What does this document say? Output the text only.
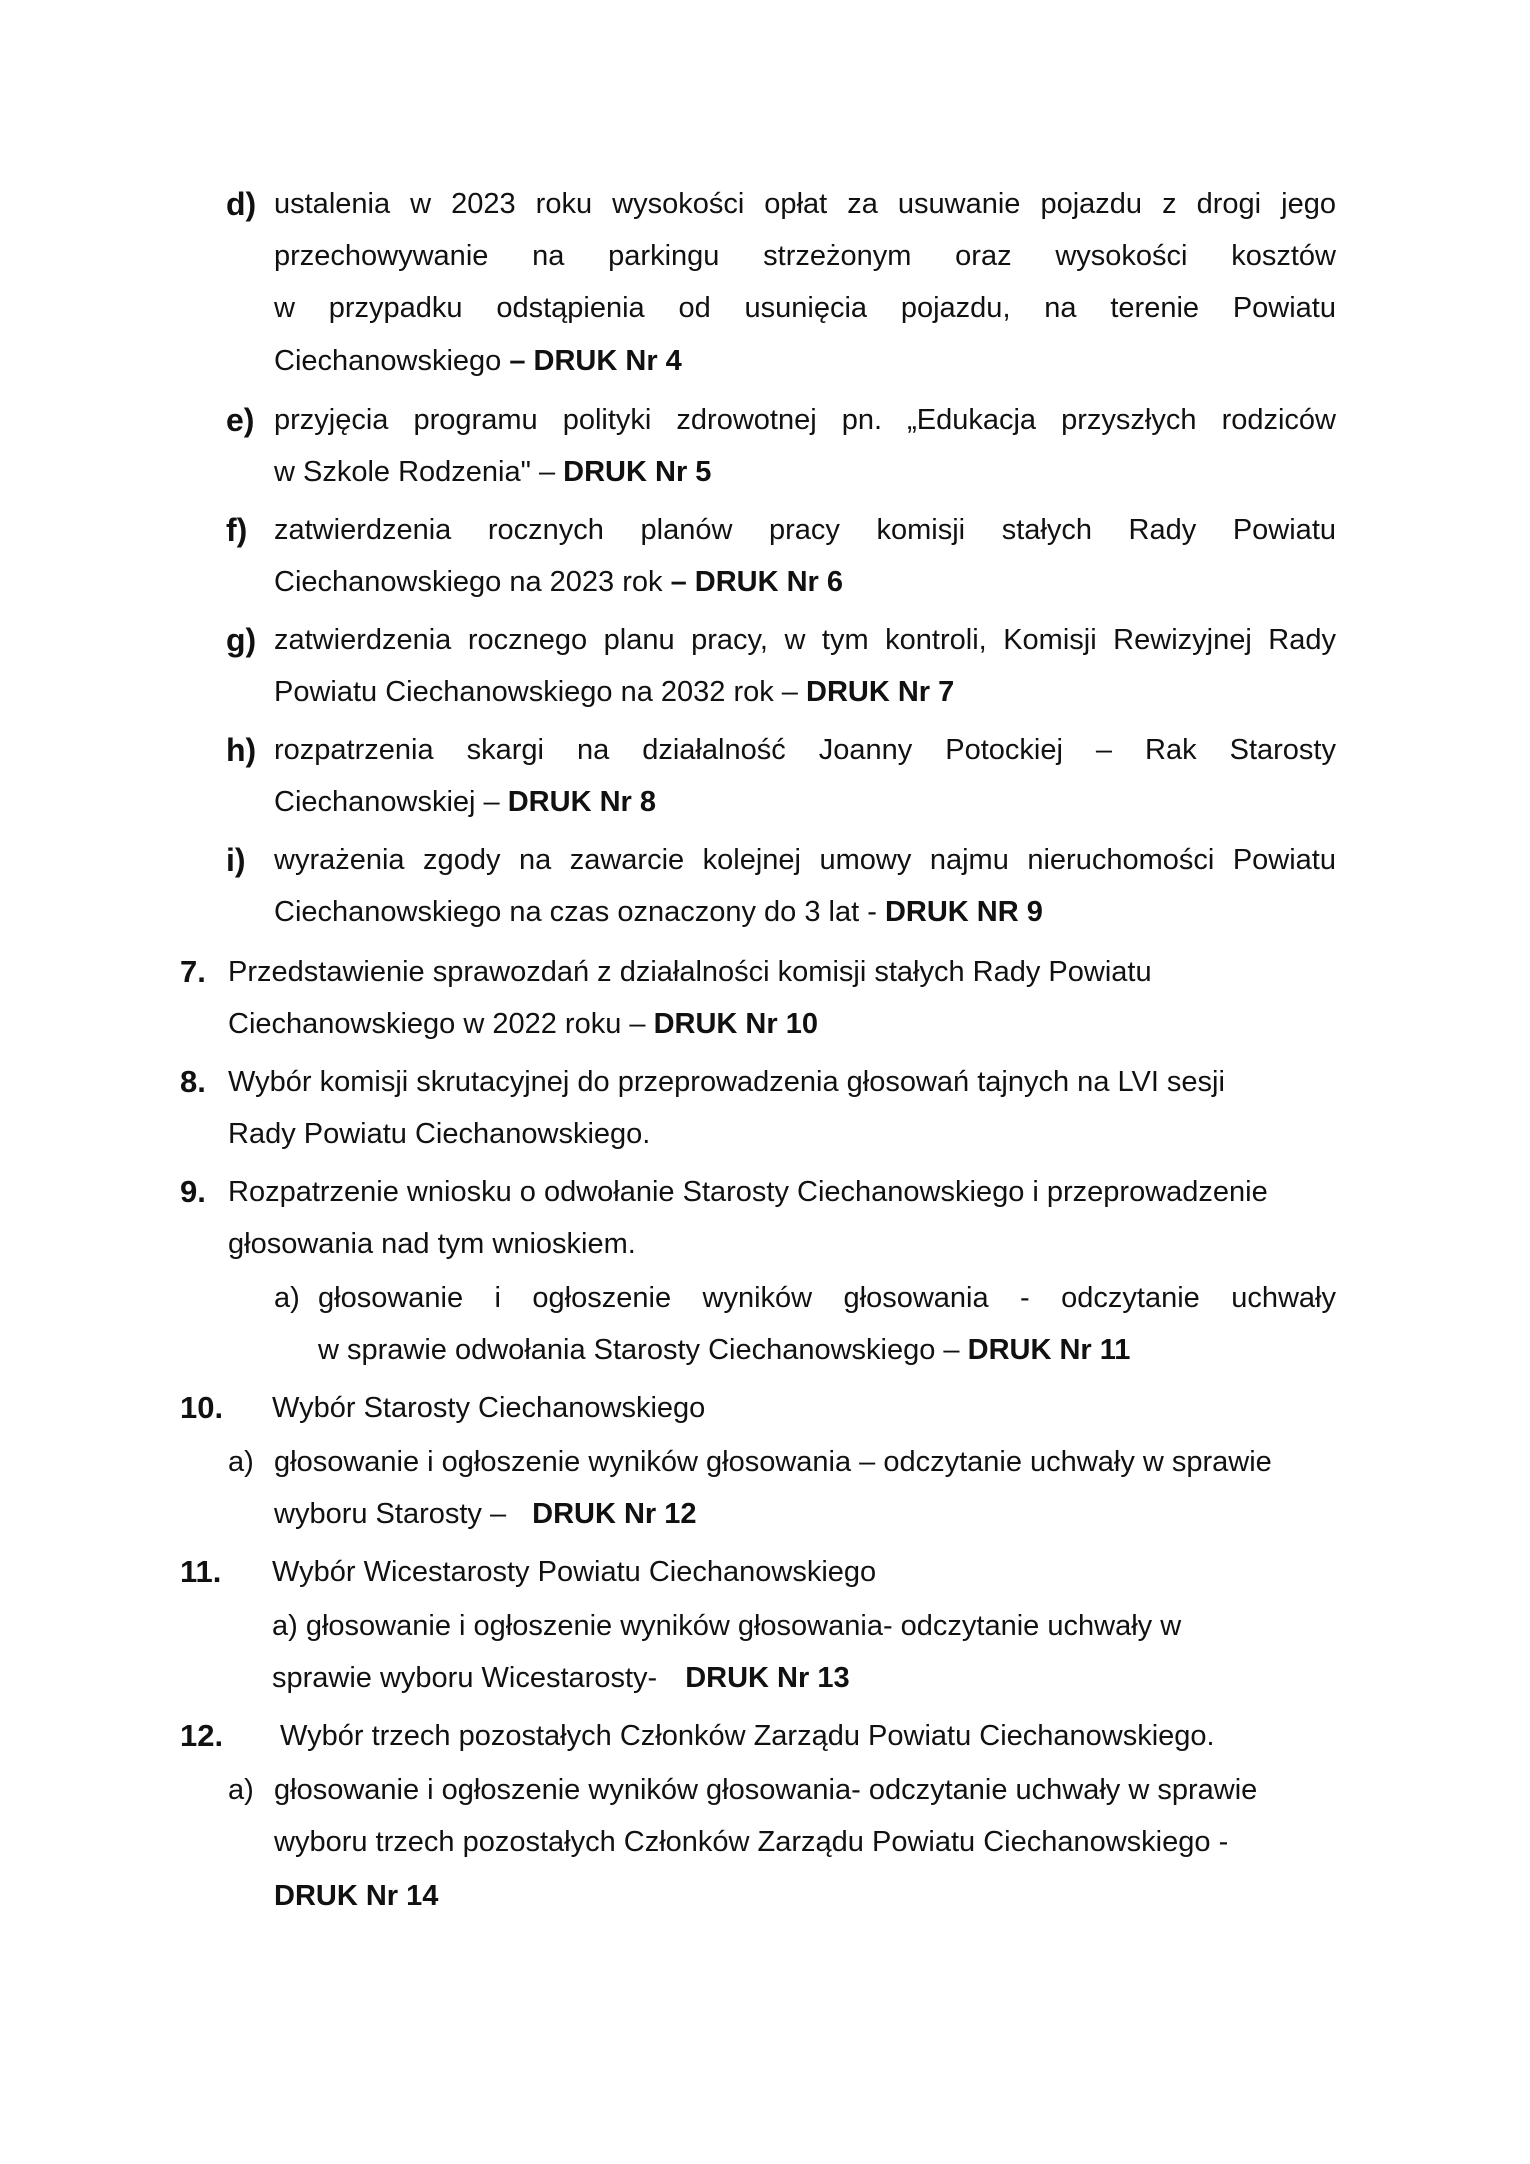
d) ustalenia w 2023 roku wysokości opłat za usuwanie pojazdu z drogi jego
przechowywanie na parkingu strzeżonym oraz wysokości kosztów
w przypadku odstąpienia od usunięcia pojazdu, na terenie Powiatu
Ciechanowskiego – DRUK Nr 4
e) przyjęcia programu polityki zdrowotnej pn. „Edukacja przyszłych rodziców
w Szkole Rodzenia" – DRUK Nr 5
f) zatwierdzenia rocznych planów pracy komisji stałych Rady Powiatu
Ciechanowskiego na 2023 rok – DRUK Nr 6
g) zatwierdzenia rocznego planu pracy, w tym kontroli, Komisji Rewizyjnej Rady
Powiatu Ciechanowskiego na 2032 rok – DRUK Nr 7
h) rozpatrzenia skargi na działalność Joanny Potockiej – Rak Starosty
Ciechanowskiej – DRUK Nr 8
i) wyrażenia zgody na zawarcie kolejnej umowy najmu nieruchomości Powiatu
Ciechanowskiego na czas oznaczony do 3 lat - DRUK NR 9
7. Przedstawienie sprawozdań z działalności komisji stałych Rady Powiatu
Ciechanowskiego w 2022 roku – DRUK Nr 10
8. Wybór komisji skrutacyjnej do przeprowadzenia głosowań tajnych na LVI sesji
Rady Powiatu Ciechanowskiego.
9. Rozpatrzenie wniosku o odwołanie Starosty Ciechanowskiego i przeprowadzenie
głosowania nad tym wnioskiem.
a) głosowanie i ogłoszenie wyników głosowania - odczytanie uchwały
w sprawie odwołania Starosty Ciechanowskiego – DRUK Nr 11
10. Wybór Starosty Ciechanowskiego
a) głosowanie i ogłoszenie wyników głosowania – odczytanie uchwały w sprawie
wyboru Starosty – DRUK Nr 12
11. Wybór Wicestarosty Powiatu Ciechanowskiego
a) głosowanie i ogłoszenie wyników głosowania- odczytanie uchwały w
sprawie wyboru Wicestarosty- DRUK Nr 13
12. Wybór trzech pozostałych Członków Zarządu Powiatu Ciechanowskiego.
a) głosowanie i ogłoszenie wyników głosowania- odczytanie uchwały w sprawie
wyboru trzech pozostałych Członków Zarządu Powiatu Ciechanowskiego -
DRUK Nr 14
